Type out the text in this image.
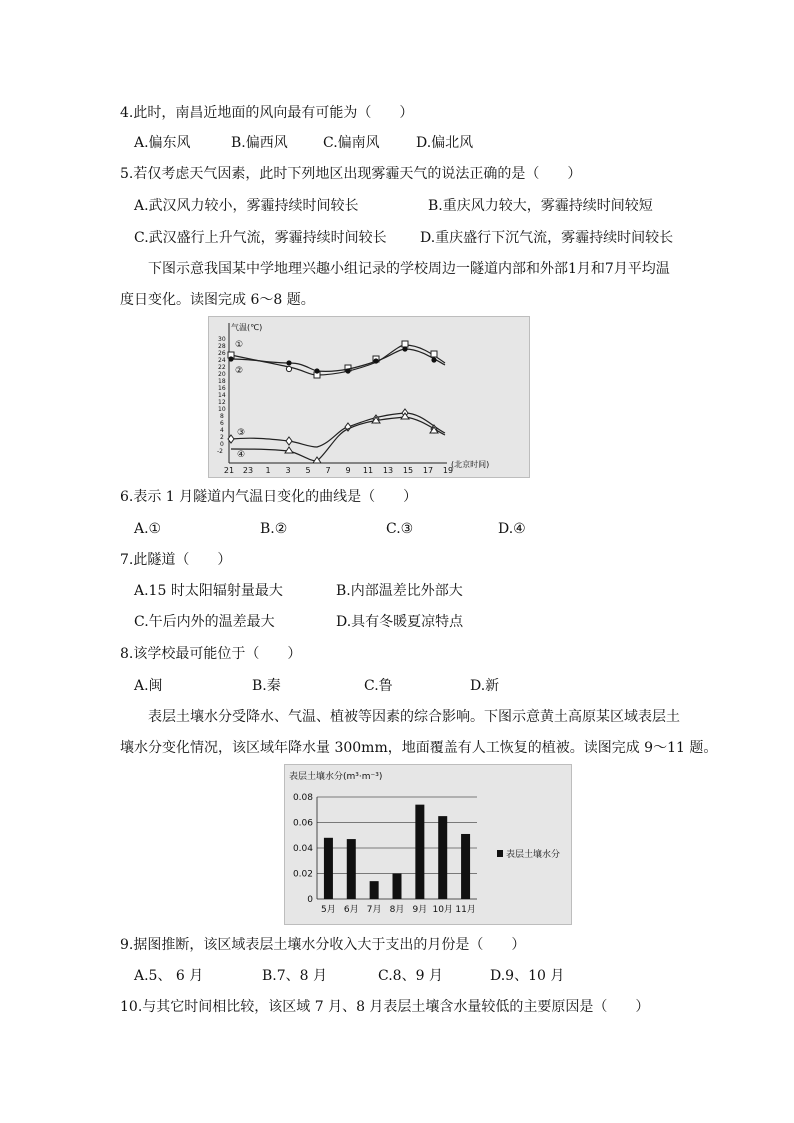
4.此时，南昌近地面的风向最有可能为（　　）
A.偏东风	B.偏西风	C.偏南风	D.偏北风
5.若仅考虑天气因素，此时下列地区出现雾霾天气的说法正确的是（　　）
A.武汉风力较小，雾霾持续时间较长	B.重庆风力较大，雾霾持续时间较短
C.武汉盛行上升气流，雾霾持续时间较长 D.重庆盛行下沉气流，雾霾持续时间较长
下图示意我国某中学地理兴趣小组记录的学校周边一隧道内部和外部1月和7月平均温
度日变化。读图完成 6～8 题。
气温(℃)
(北京时间)
30
28
26
24
22
20
18
16
14
12
10
8
6
4
2
0
-2
21 23 1 3 5 7 9 11 13 15 17 19
①
②
③
④
6.表示 1 月隧道内气温日变化的曲线是（　　）
A.①	B.②	C.③	D.④
7.此隧道（　　）
A.15 时太阳辐射量最大	B.内部温差比外部大
C.午后内外的温差最大	D.具有冬暖夏凉特点
8.该学校最可能位于（　　）
A.闽	B.秦	C.鲁	D.新
表层土壤水分受降水、气温、植被等因素的综合影响。下图示意黄土高原某区域表层土
壤水分变化情况，该区域年降水量 300mm，地面覆盖有人工恢复的植被。读图完成 9～11 题。
表层土壤水分(m³·m⁻³)
0
0.02
0.04
0.06
0.08
5月 6月 7月 8月 9月 10月 11月
表层土壤水分
9.据图推断，该区域表层土壤水分收入大于支出的月份是（　　）
A.5、 6 月	B.7、8 月	C.8、9 月	D.9、10 月
10.与其它时间相比较，该区域 7 月、8 月表层土壤含水量较低的主要原因是（　　）
